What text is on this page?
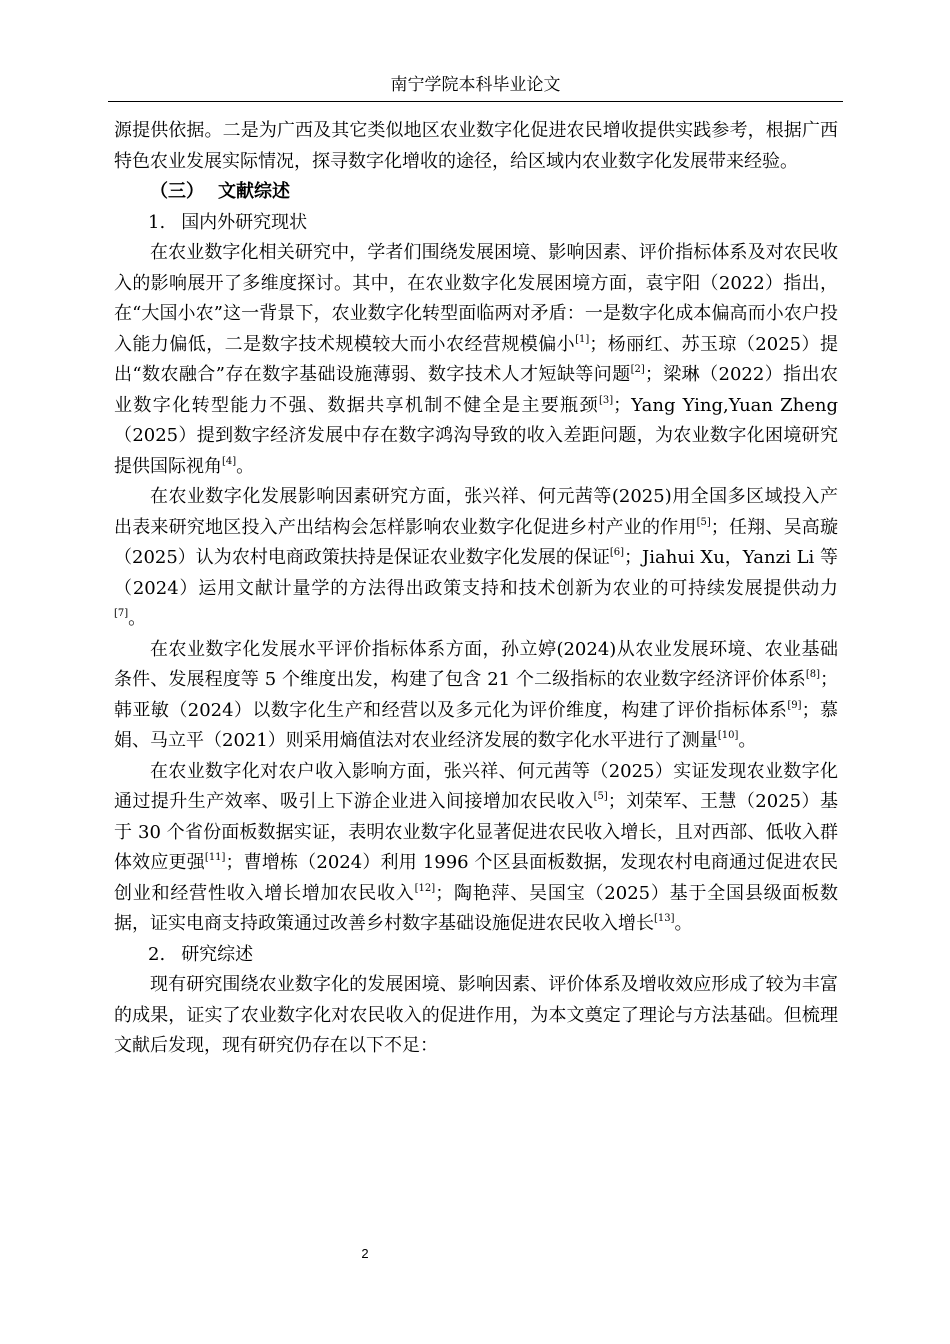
南宁学院本科毕业论文

源提供依据。二是为广西及其它类似地区农业数字化促进农民增收提供实践参考，根据广西特色农业发展实际情况，探寻数字化增收的途径，给区域内农业数字化发展带来经验。

（三） 文献综述

1. 国内外研究现状

在农业数字化相关研究中，学者们围绕发展困境、影响因素、评价指标体系及对农民收入的影响展开了多维度探讨。其中，在农业数字化发展困境方面，袁宇阳（2022）指出，在“大国小农”这一背景下，农业数字化转型面临两对矛盾：一是数字化成本偏高而小农户投入能力偏低，二是数字技术规模较大而小农经营规模偏小[1]；杨丽红、苏玉琼（2025）提出“数农融合”存在数字基础设施薄弱、数字技术人才短缺等问题[2]；梁琳（2022）指出农业数字化转型能力不强、数据共享机制不健全是主要瓶颈[3]；Yang Ying,Yuan Zheng（2025）提到数字经济发展中存在数字鸿沟导致的收入差距问题，为农业数字化困境研究提供国际视角[4]。

在农业数字化发展影响因素研究方面，张兴祥、何元茜等(2025)用全国多区域投入产出表来研究地区投入产出结构会怎样影响农业数字化促进乡村产业的作用[5]；任翔、吴高璇（2025）认为农村电商政策扶持是保证农业数字化发展的保证[6]；Jiahui Xu，Yanzi Li 等（2024）运用文献计量学的方法得出政策支持和技术创新为农业的可持续发展提供动力[7]。

在农业数字化发展水平评价指标体系方面，孙立婷(2024)从农业发展环境、农业基础条件、发展程度等 5 个维度出发，构建了包含 21 个二级指标的农业数字经济评价体系[8]；韩亚敏（2024）以数字化生产和经营以及多元化为评价维度，构建了评价指标体系[9]；慕娟、马立平（2021）则采用熵值法对农业经济发展的数字化水平进行了测量[10]。

在农业数字化对农户收入影响方面，张兴祥、何元茜等（2025）实证发现农业数字化通过提升生产效率、吸引上下游企业进入间接增加农民收入[5]；刘荣军、王慧（2025）基于 30 个省份面板数据实证，表明农业数字化显著促进农民收入增长，且对西部、低收入群体效应更强[11]；曹增栋（2024）利用 1996 个区县面板数据，发现农村电商通过促进农民创业和经营性收入增长增加农民收入[12]；陶艳萍、吴国宝（2025）基于全国县级面板数据，证实电商支持政策通过改善乡村数字基础设施促进农民收入增长[13]。

2. 研究综述

现有研究围绕农业数字化的发展困境、影响因素、评价体系及增收效应形成了较为丰富的成果，证实了农业数字化对农民收入的促进作用，为本文奠定了理论与方法基础。但梳理文献后发现，现有研究仍存在以下不足：

2
